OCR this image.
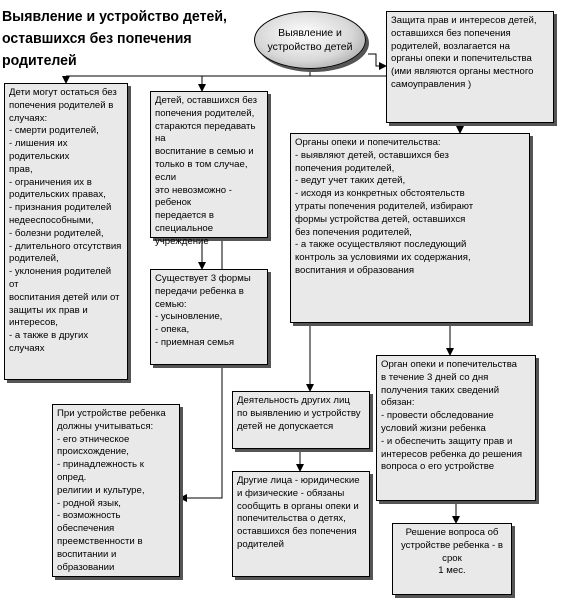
Выявление и устройство детей,
оставшихся без попечения родителей
Выявление и
устройство детей
Защита прав и интересов детей,
оставшихся без попечения
родителей, возлагается на
органы опеки и попечительства
(ими являются органы местного
самоуправления )
Дети могут остаться без
попечения родителей в
случаях:
- смерти родителей,
- лишения их родительских
прав,
- ограничения их в
родительских правах,
- признания родителей
недееспособными,
- болезни родителей,
- длительного отсутствия
родителей,
- уклонения родителей от
воспитания детей или от
защиты их прав и
интересов,
- а также в других случаях
Детей, оставшихся без
попечения родителей,
стараются передавать на
воспитание в семью и
только в том случае, если
это невозможно - ребенок
передается в специальное
учреждение
Органы опеки и попечительства:
- выявляют детей, оставшихся без
попечения родителей,
- ведут учет таких детей,
- исходя из конкретных обстоятельств
утраты попечения родителей, избирают
формы устройства детей, оставшихся
без попечения родителей,
- а также осуществляют последующий
контроль за условиями их содержания,
воспитания и образования
Существует 3 формы
передачи ребенка в семью:
- усыновление,
- опека,
- приемная семья
При устройстве ребенка
должны учитываться:
- его этническое
происхождение,
- принадлежность к опред.
религии и культуре,
- родной язык,
- возможность обеспечения
преемственности в
воспитании и образовании
Деятельность других лиц
по выявлению и устройству
детей не допускается
Орган опеки и попечительства
в течение 3 дней со дня
получения таких сведений
обязан:
- провести обследование
условий жизни ребенка
- и обеспечить защиту прав и
интересов ребенка до решения
вопроса о его устройстве
Другие лица - юридические
и физические - обязаны
сообщить в органы опеки и
попечительства о детях,
оставшихся без попечения
родителей
Решение вопроса об
устройстве ребенка - в срок
1 мес.
